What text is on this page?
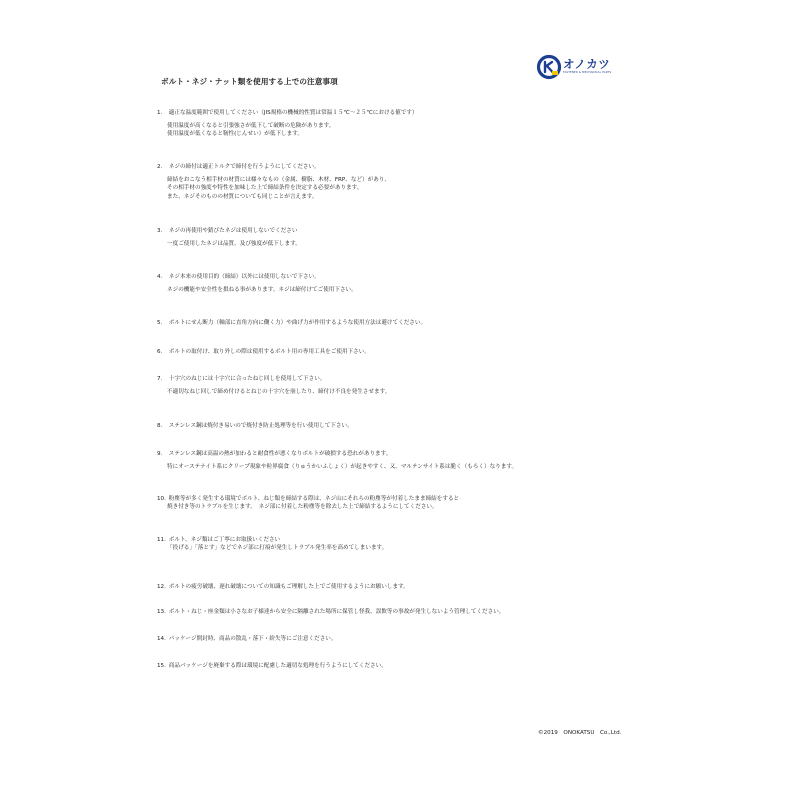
ボルト・ネジ・ナット類を使用する上での注意事項
オノカツ
FASTENER & MECHANICAL PARTS
1. 適正な温度範囲で使用してください（JIS規格の機械的性質は常温１５℃～２５℃における値です）
使用温度が高くなると引張強さが低下して破断の危険があります。
使用温度が低くなると靭性(じんせい）が低下します。
2. ネジの締付は適正トルクで締付を行うようにしてください。
締結をおこなう相手材の材質には様々なもの（金属、樹脂、木材、FRP、など）があり、
その相手材の強度や特性を加味した上で締結条件を決定する必要があります。
また、ネジそのものの材質についても同じことが言えます。
3. ネジの再使用や錆びたネジは使用しないでください
一度ご使用したネジは品質、及び強度が低下します。
4. ネジ本来の使用目的（締結）以外には使用しないで下さい。
ネジの機能や安全性を損ねる事があります。ネジは締付けてご使用下さい。
5. ボルトにせん断力（軸部に直角方向に働く力）や曲げ力が作用するような使用方法は避けてください。
6. ボルトの取付け、取り外しの際は使用するボルト用の専用工具をご使用下さい。
7. 十字穴のねじには十字穴に合ったねじ回しを使用して下さい。
不適切なねじ回しで締め付けるとねじの十字穴を崩したり、締付け不良を発生させます。
8. ステンレス鋼は焼付き易いので焼付き防止処理等を行い使用して下さい。
9. ステンレス鋼は高温の熱が加わると耐食性が悪くなりボルトが破損する恐れがあります。
特にオーステナイト系にクリープ現象や粒界腐食（りゅうかいふしょく）が起きやすく、又、マルテンサイト系は脆く（もろく）なります。
10. 粉塵等が多く発生する環境でボルト、ねじ類を締結する際は、ネジ山にそれらの粉塵等が付着したまま締結をすると
焼き付き等のトラブルを生じます。　ネジ部に付着した粉塵等を除去した上で締結するようにしてください。
11. ボルト、ネジ類はご丁寧にお取扱いください
「投げる」「落とす」などでネジ部に打痕が発生しトラブル発生率を高めてしまいます。
12. ボルトの疲労破壊、遅れ破壊についての知識もご理解した上でご使用するようにお願いします。
13. ボルト・ねじ・座金類は小さなお子様達から安全に隔離された場所に保管し怪我、誤飲等の事故が発生しないよう管理してください。
14. パッケージ開封時、商品の散乱・落下・紛失等にご注意ください。
15. 商品パッケージを廃棄する際は環境に配慮した適切な処理を行うようにしてください。
©2019　ONOKATSU　Co.,Ltd.
